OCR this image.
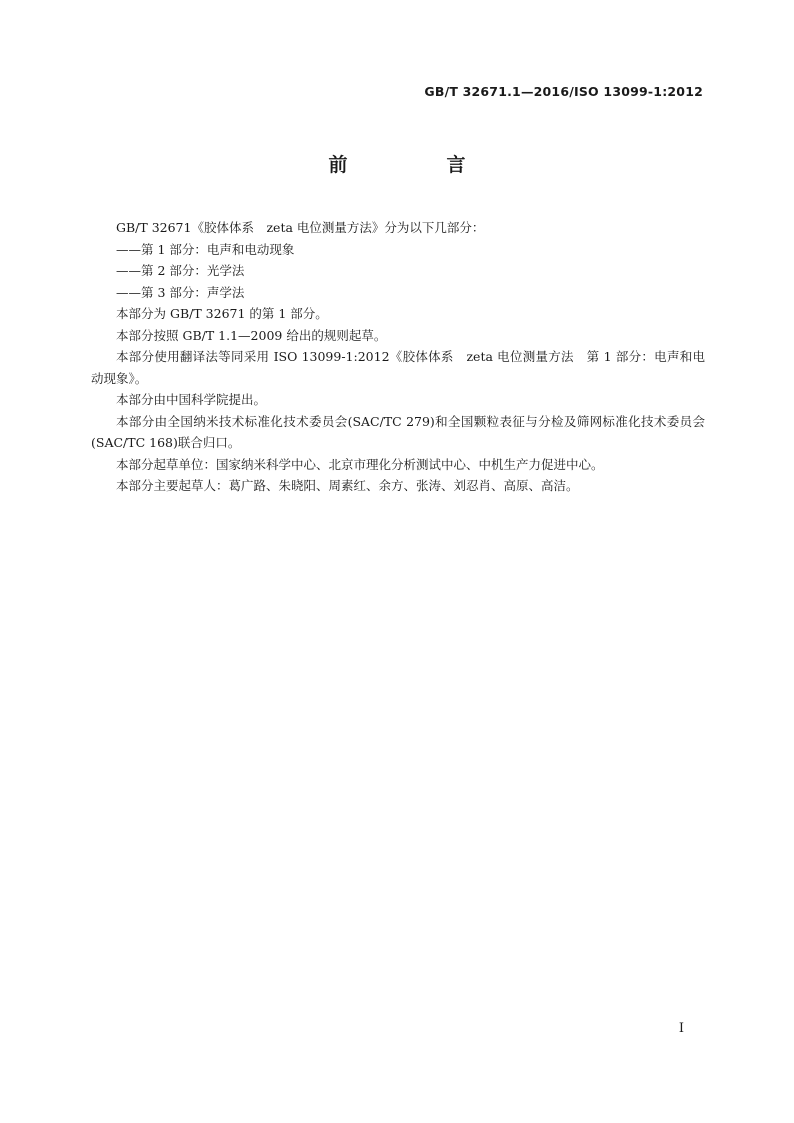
GB/T 32671.1—2016/ISO 13099-1:2012
前　言

GB/T 32671《胶体体系　zeta 电位测量方法》分为以下几部分：

——第 1 部分：电声和电动现象

——第 2 部分：光学法

——第 3 部分：声学法

本部分为 GB/T 32671 的第 1 部分。

本部分按照 GB/T 1.1—2009 给出的规则起草。

本部分使用翻译法等同采用 ISO 13099-1:2012《胶体体系　zeta 电位测量方法　第 1 部分：电声和电动现象》。

本部分由中国科学院提出。

本部分由全国纳米技术标准化技术委员会(SAC/TC 279)和全国颗粒表征与分检及筛网标准化技术委员会(SAC/TC 168)联合归口。

本部分起草单位：国家纳米科学中心、北京市理化分析测试中心、中机生产力促进中心。

本部分主要起草人：葛广路、朱晓阳、周素红、余方、张涛、刘忍肖、高原、高洁。

I
